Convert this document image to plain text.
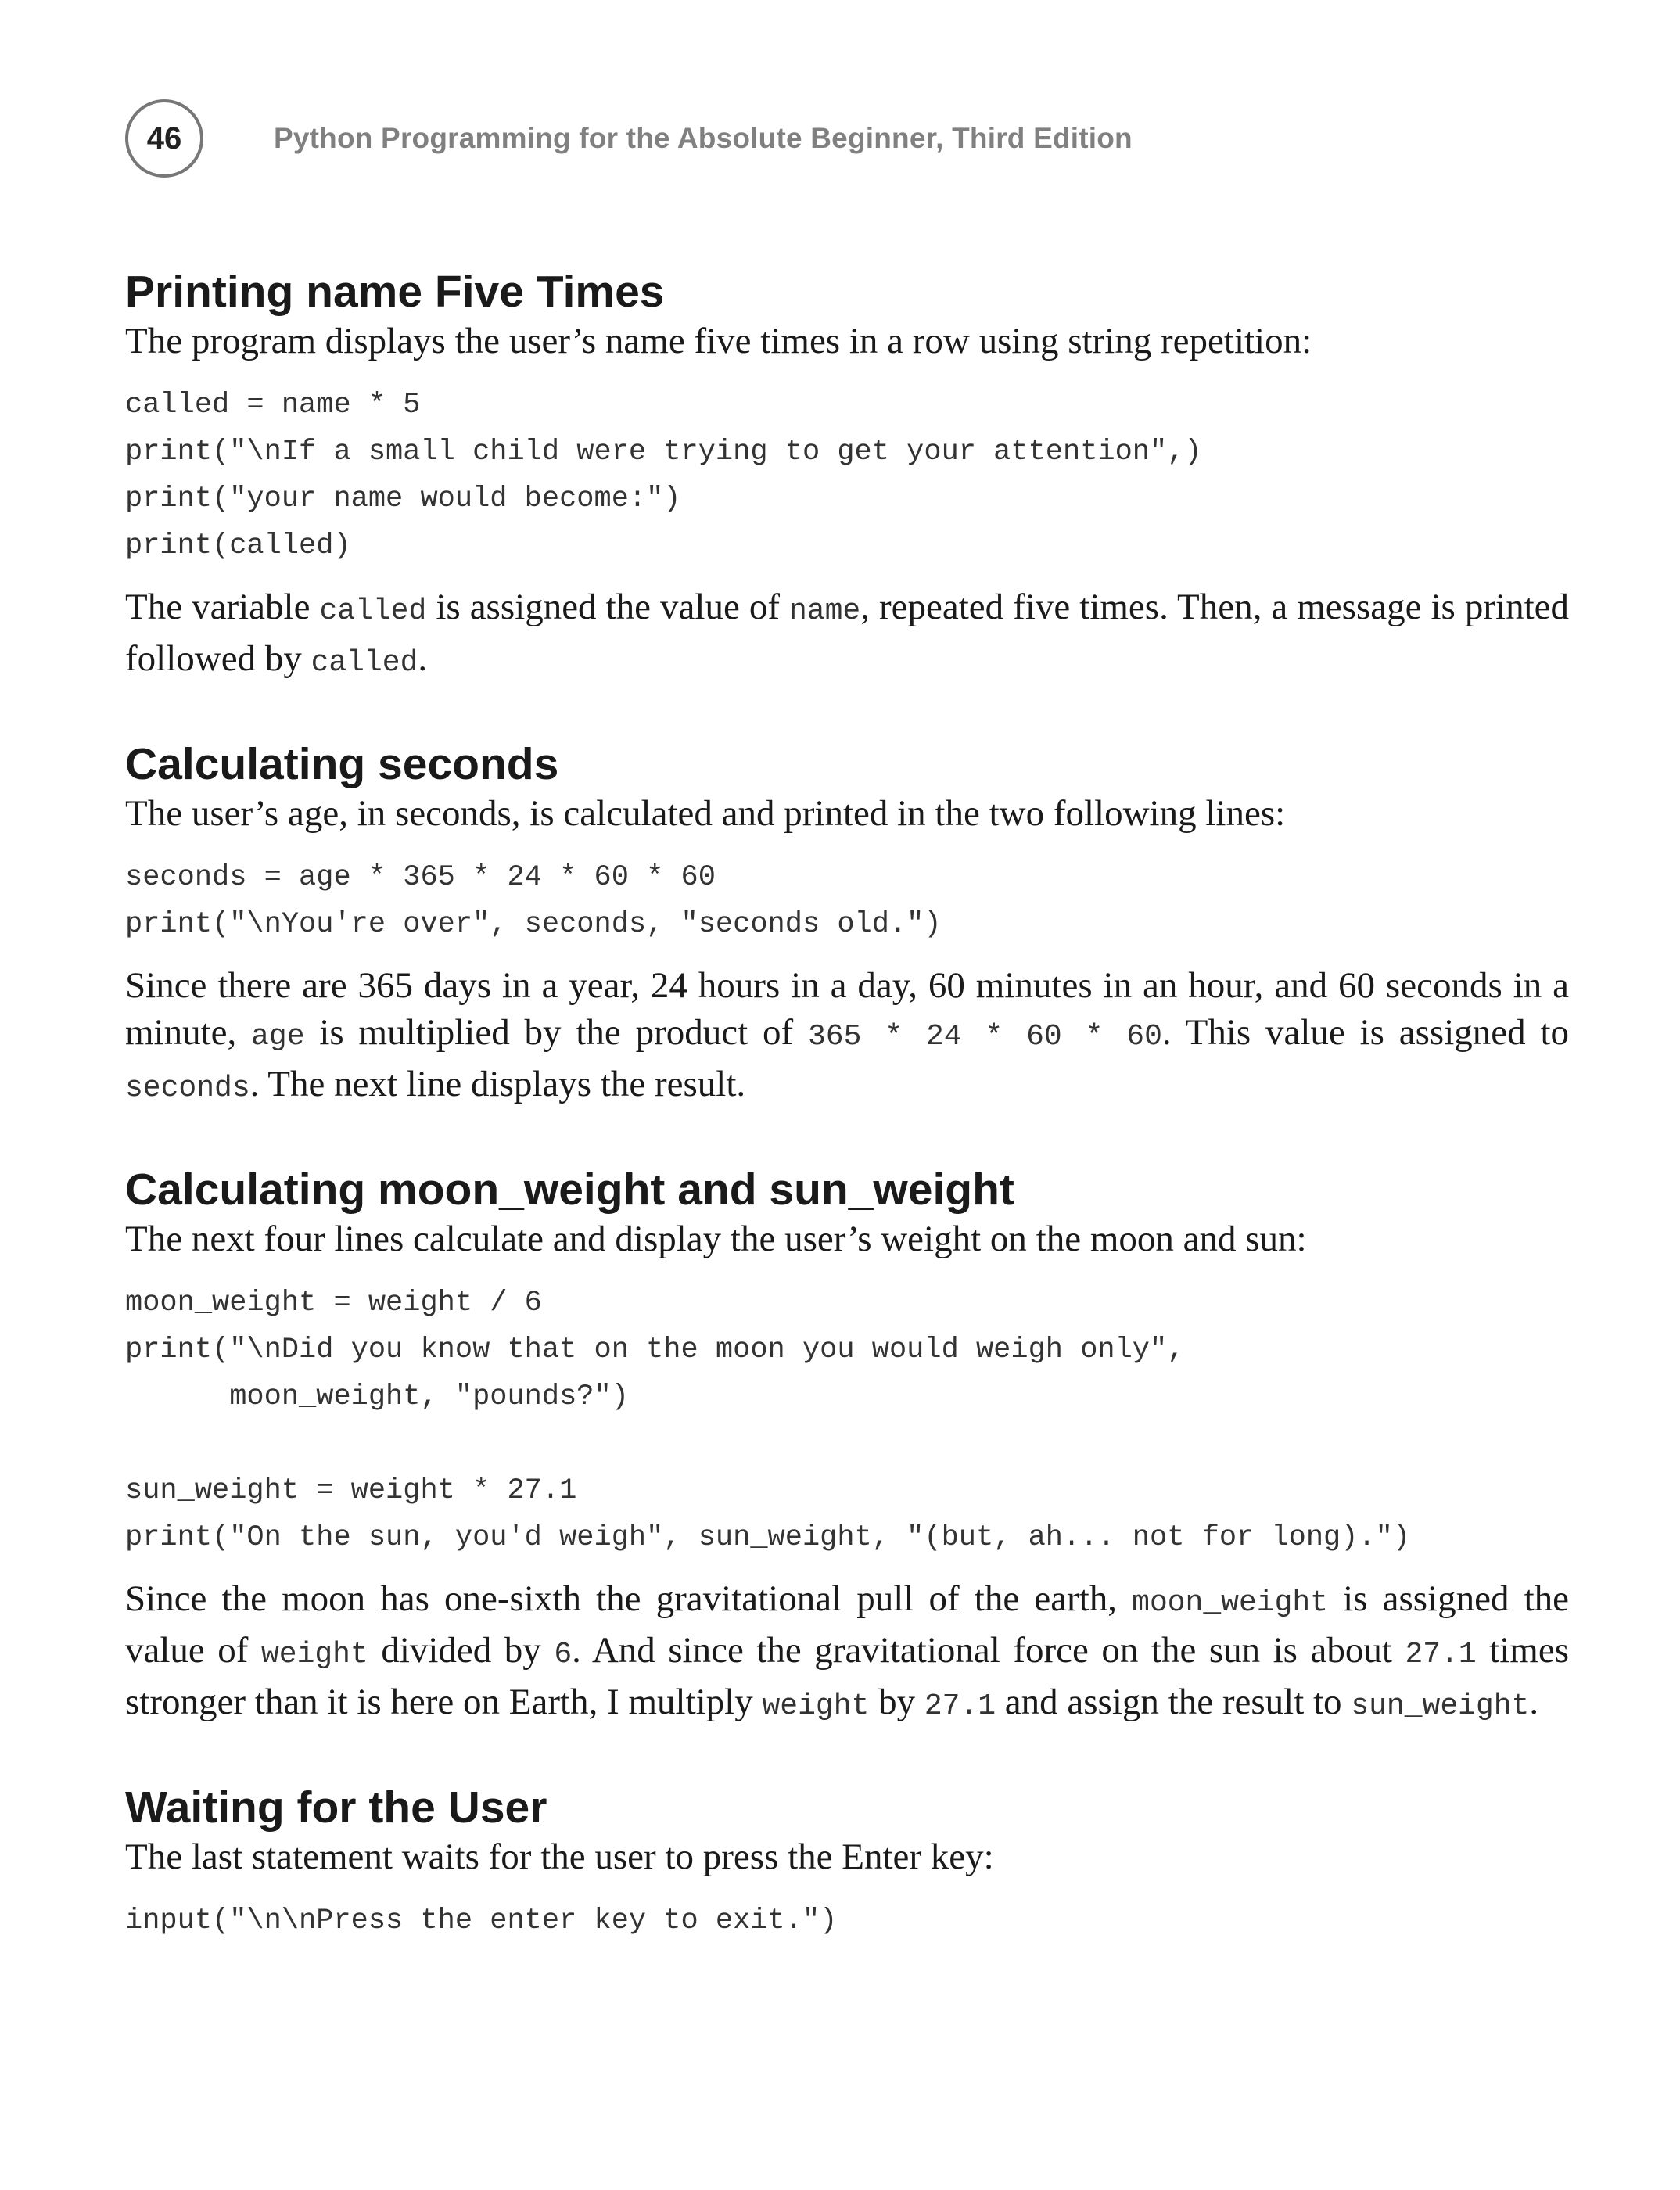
46	Python Programming for the Absolute Beginner, Third Edition
Printing name Five Times

The program displays the user’s name five times in a row using string repetition:

called = name * 5
print("\nIf a small child were trying to get your attention",)
print("your name would become:")
print(called)

The variable called is assigned the value of name, repeated five times. Then, a message is printed followed by called.

Calculating seconds

The user’s age, in seconds, is calculated and printed in the two following lines:

seconds = age * 365 * 24 * 60 * 60
print("\nYou're over", seconds, "seconds old.")

Since there are 365 days in a year, 24 hours in a day, 60 minutes in an hour, and 60 seconds in a minute, age is multiplied by the product of 365 * 24 * 60 * 60. This value is assigned to seconds. The next line displays the result.

Calculating moon_weight and sun_weight

The next four lines calculate and display the user’s weight on the moon and sun:

moon_weight = weight / 6
print("\nDid you know that on the moon you would weigh only",
moon_weight, "pounds?")
sun_weight = weight * 27.1
print("On the sun, you'd weigh", sun_weight, "(but, ah... not for long).")

Since the moon has one-sixth the gravitational pull of the earth, moon_weight is assigned the value of weight divided by 6. And since the gravitational force on the sun is about 27.1 times stronger than it is here on Earth, I multiply weight by 27.1 and assign the result to sun_weight.

Waiting for the User

The last statement waits for the user to press the Enter key:

input("\n\nPress the enter key to exit.")
